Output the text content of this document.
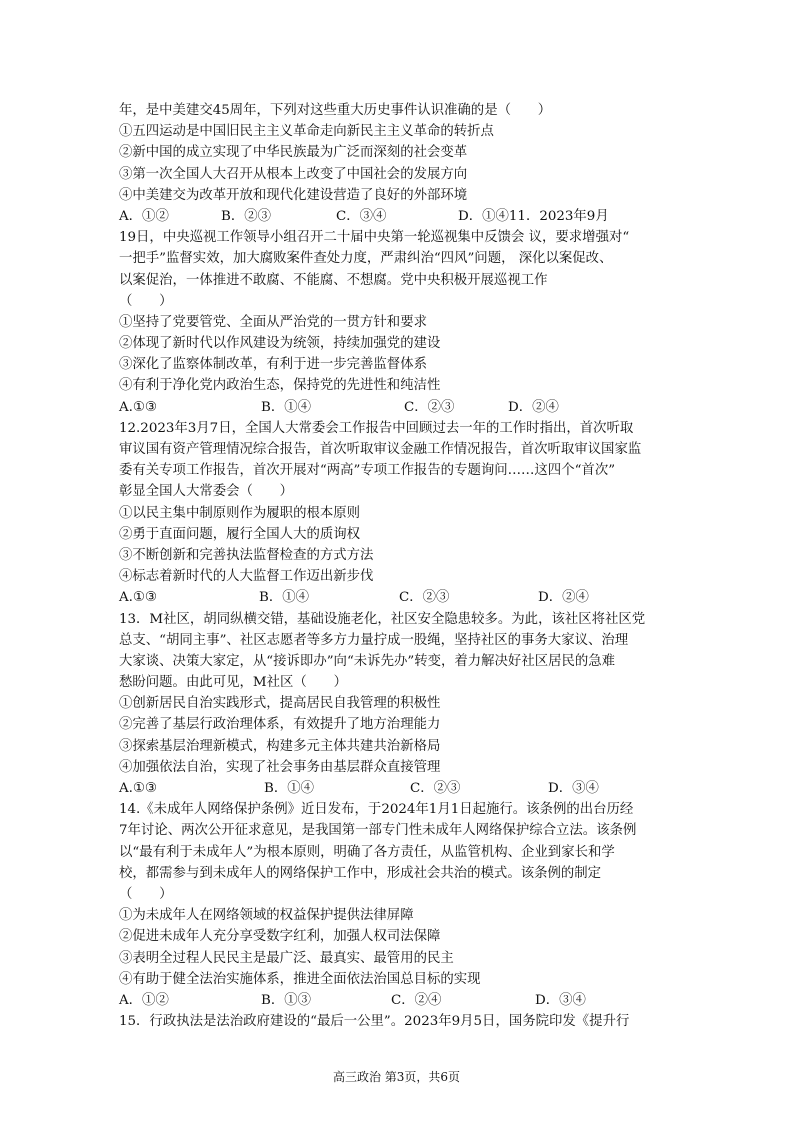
年，是中美建交45周年，下列对这些重大历史事件认识准确的是（　　）
①五四运动是中国旧民主主义革命走向新民主主义革命的转折点
②新中国的成立实现了中华民族最为广泛而深刻的社会变革
③第一次全国人大召开从根本上改变了中国社会的发展方向
④中美建交为改革开放和现代化建设营造了良好的外部环境
A．①②	B．②③	C．③④	D．①④11．2023年9月
19日，中央巡视工作领导小组召开二十届中央第一轮巡视集中反馈会 议，要求增强对“
一把手”监督实效，加大腐败案件查处力度，严肃纠治“四风”问题， 深化以案促改、
以案促治，一体推进不敢腐、不能腐、不想腐。党中央积极开展巡视工作
（　　）
①坚持了党要管党、全面从严治党的一贯方针和要求
②体现了新时代以作风建设为统领，持续加强党的建设
③深化了监察体制改革，有利于进一步完善监督体系
④有利于净化党内政治生态，保持党的先进性和纯洁性
A.①③	B．①④	C．②③	D．②④
12.2023年3月7日，全国人大常委会工作报告中回顾过去一年的工作时指出，首次听取
审议国有资产管理情况综合报告，首次听取审议金融工作情况报告，首次听取审议国家监
委有关专项工作报告，首次开展对“两高”专项工作报告的专题询问……这四个“首次”
彰显全国人大常委会（　　）
①以民主集中制原则作为履职的根本原则
②勇于直面问题，履行全国人大的质询权
③不断创新和完善执法监督检查的方式方法
④标志着新时代的人大监督工作迈出新步伐
A.①③	B．①④	C．②③	D．②④
13．M社区，胡同纵横交错，基础设施老化，社区安全隐患较多。为此，该社区将社区党
总支、“胡同主事”、社区志愿者等多方力量拧成一股绳，坚持社区的事务大家议、治理
大家谈、决策大家定，从“接诉即办”向“未诉先办”转变，着力解决好社区居民的急难
愁盼问题。由此可见，M社区（　　）
①创新居民自治实践形式，提高居民自我管理的积极性
②完善了基层行政治理体系，有效提升了地方治理能力
③探索基层治理新模式，构建多元主体共建共治新格局
④加强依法自治，实现了社会事务由基层群众直接管理
A.①③	B．①④	C．②③	D．③④
14.《未成年人网络保护条例》近日发布，于2024年1月1日起施行。该条例的出台历经
7年讨论、两次公开征求意见，是我国第一部专门性未成年人网络保护综合立法。该条例
以“最有利于未成年人”为根本原则，明确了各方责任，从监管机构、企业到家长和学
校，都需参与到未成年人的网络保护工作中，形成社会共治的模式。该条例的制定
（　　）
①为未成年人在网络领域的权益保护提供法律屏障
②促进未成年人充分享受数字红利，加强人权司法保障
③表明全过程人民民主是最广泛、最真实、最管用的民主
④有助于健全法治实施体系，推进全面依法治国总目标的实现
A．①②	B．①③	C．②④	D．③④
15．行政执法是法治政府建设的“最后一公里”。2023年9月5日，国务院印发《提升行
高三政治 第3页，共6页
